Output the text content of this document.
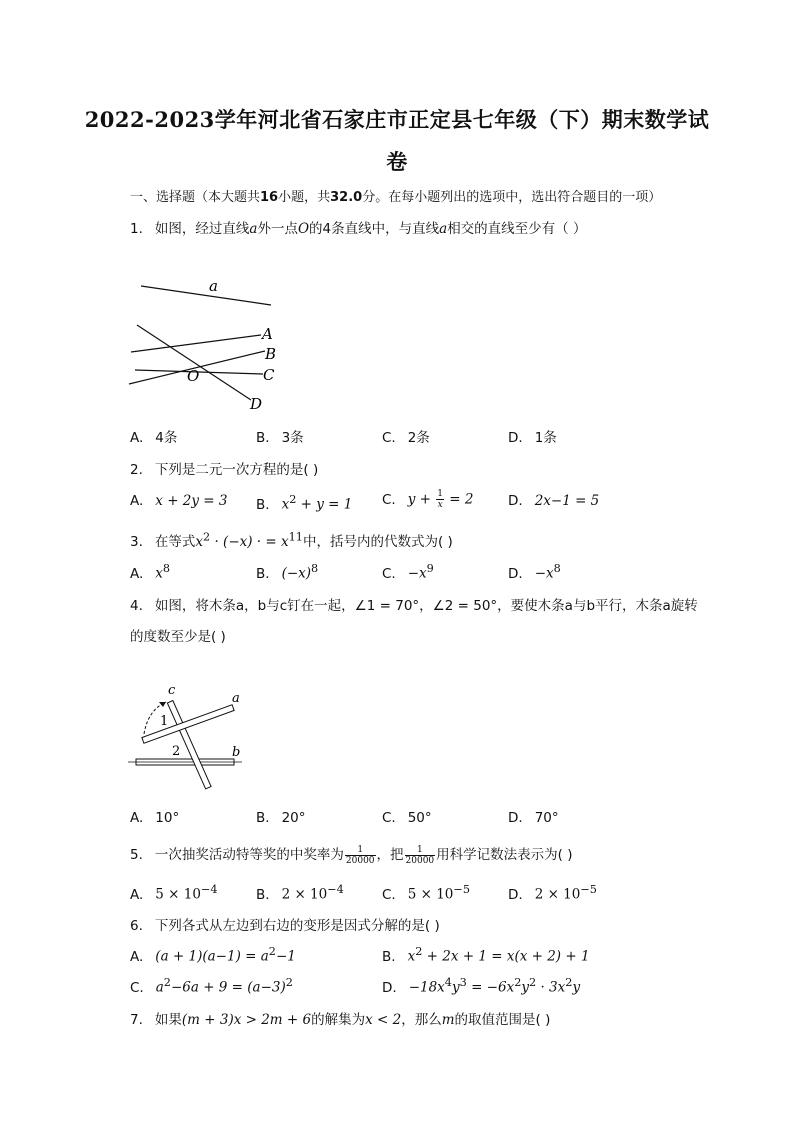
2022-2023学年河北省石家庄市正定县七年级（下）期末数学试
卷
一、选择题（本大题共16小题，共32.0分。在每小题列出的选项中，选出符合题目的一项）
1. 如图，经过直线a外一点O的4条直线中，与直线a相交的直线至少有（ ）
a
O
A
B
C
D
A. 4条	B. 3条	C. 2条	D. 1条
2. 下列是二元一次方程的是( )
A. x + 2y = 3 B. $x^2 + y = 1$ C. $y + \frac{1}{x} = 2$	D. 2x−1 = 5
3. 在等式$x^2 \cdot (-x)$ · = $x^{11}$中，括号内的代数式为( )
A. $x^8$	B. $(-x)^8$	C. $-x^9$	D. $-x^8$
4. 如图，将木条a，b与c钉在一起，∠1 = 70°，∠2 = 50°，要使木条a与b平行，木条a旋转
的度数至少是( )
c
a
b
1
2
A. 10°	B. 20°	C. 50°	D. 70°
5. 一次抽奖活动特等奖的中奖率为 $\frac{1}{20000}$ ，把 $\frac{1}{20000}$ 用科学记数法表示为( )
A. $5 \times 10^{-4}$	B. $2 \times 10^{-4}$	C. $5 \times 10^{-5}$	D. $2 \times 10^{-5}$
6. 下列各式从左边到右边的变形是因式分解的是( )
A. $(a + 1)(a-1) = a^2-1$	B. $x^2 + 2x + 1 = x(x + 2) + 1$
C. $a^2-6a + 9 = (a-3)^2$	D. $-18x^4y^3 = -6x^2y^2 \cdot 3x^2y$
7. 如果(m + 3)x > 2m + 6的解集为x < 2，那么m的取值范围是( )
